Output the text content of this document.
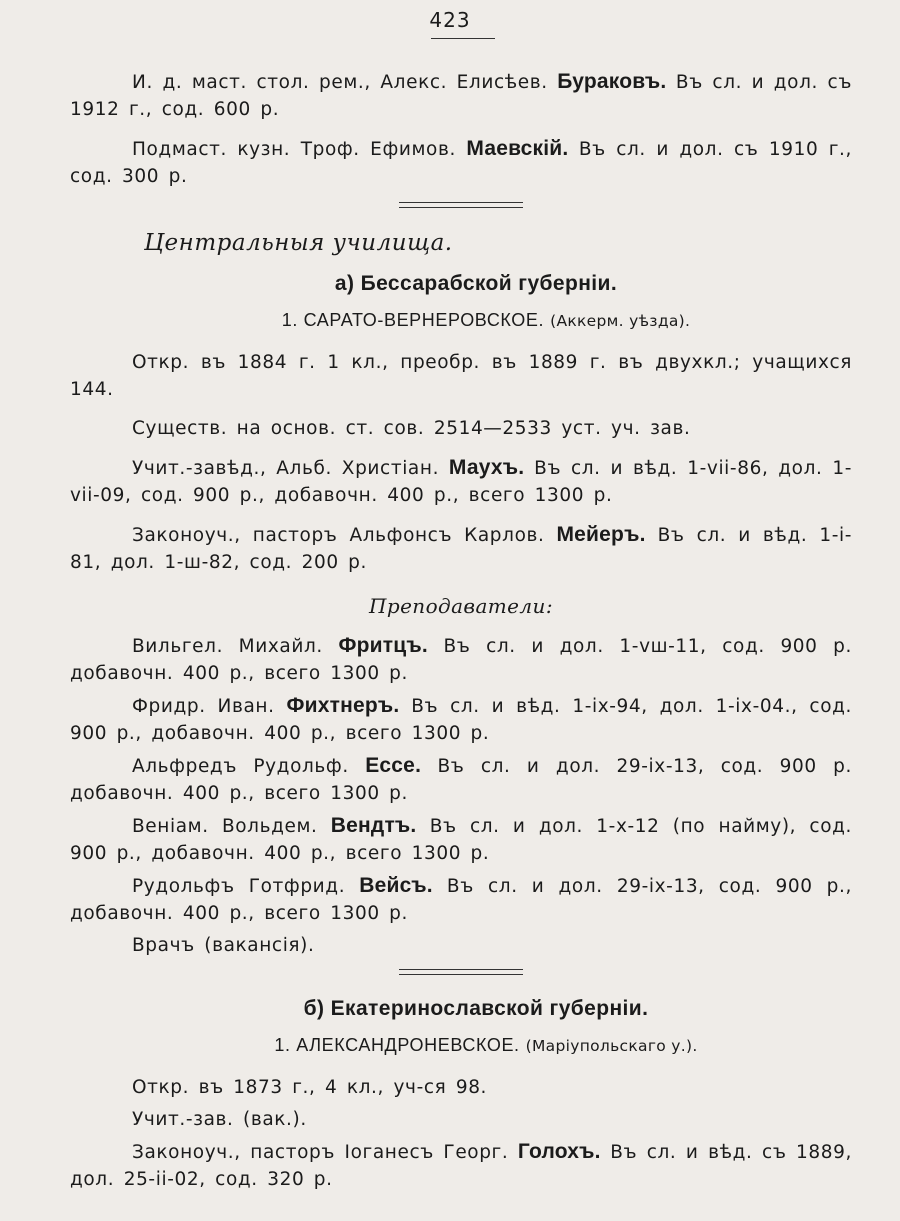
423

И. д. маст. стол. рем., Алекс. Елисѣев. Бураковъ. Въ сл. и дол. съ 1912 г., сод. 600 р.

Подмаст. кузн. Троф. Ефимов. Маевскій. Въ сл. и дол. съ 1910 г., сод. 300 р.

Центральныя училища.
а) Бессарабской губерніи.
1. САРАТО-ВЕРНЕРОВСКОЕ. (Аккерм. уѣзда).

Откр. въ 1884 г. 1 кл., преобр. въ 1889 г. въ двухкл.; учащихся 144.

Существ. на основ. ст. сов. 2514—2533 уст. уч. зав.

Учит.-завѣд., Альб. Христіан. Маухъ. Въ сл. и вѣд. 1-vii-86, дол. 1-vii-09, сод. 900 р., добавочн. 400 р., всего 1300 р.

Законоуч., пасторъ Альфонсъ Карлов. Мейеръ. Въ сл. и вѣд. 1-i-81, дол. 1-ш-82, сод. 200 р.

Преподаватели:

Вильгел. Михайл. Фритцъ. Въ сл. и дол. 1-vш-11, сод. 900 р. добавочн. 400 р., всего 1300 р.

Фридр. Иван. Фихтнеръ. Въ сл. и вѣд. 1-ix-94, дол. 1-ix-04., сод. 900 р., добавочн. 400 р., всего 1300 р.

Альфредъ Рудольф. Ессе. Въ сл. и дол. 29-ix-13, сод. 900 р. добавочн. 400 р., всего 1300 р.

Веніам. Вольдем. Вендтъ. Въ сл. и дол. 1-x-12 (по найму), сод. 900 р., добавочн. 400 р., всего 1300 р.

Рудольфъ Готфрид. Вейсъ. Въ сл. и дол. 29-ix-13, сод. 900 р., добавочн. 400 р., всего 1300 р.

Врачъ (вакансія).

б) Екатеринославской губерніи.
1. АЛЕКСАНДРОНЕВСКОЕ. (Маріупольскаго у.).

Откр. въ 1873 г., 4 кл., уч-ся 98.

Учит.-зав. (вак.).

Законоуч., пасторъ Іоганесъ Георг. Голохъ. Въ сл. и вѣд. съ 1889, дол. 25-ii-02, сод. 320 р.
